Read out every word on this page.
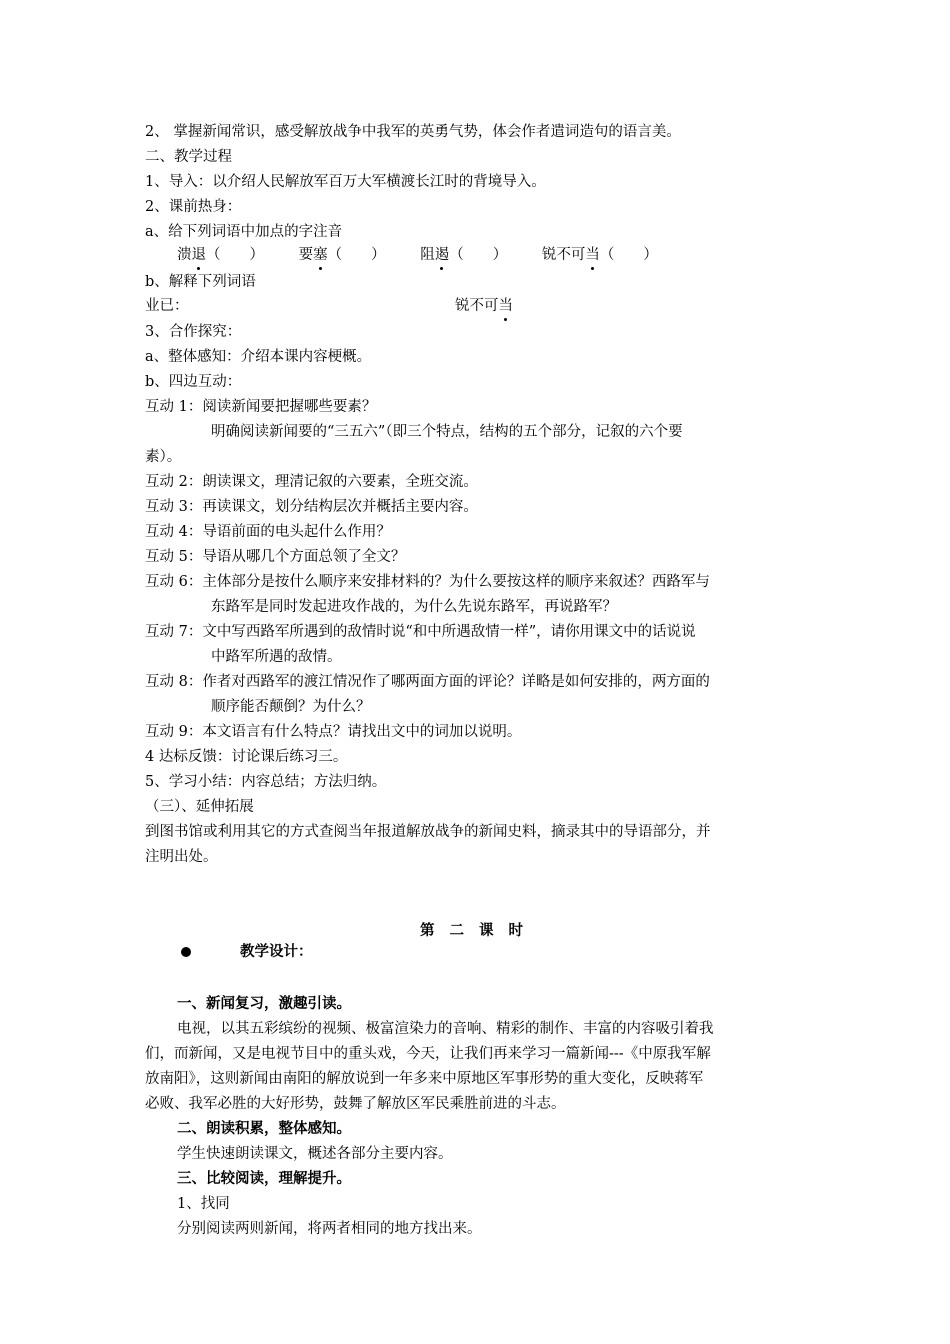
2、 掌握新闻常识，感受解放战争中我军的英勇气势，体会作者遣词造句的语言美。
二、教学过程
1、导入：以介绍人民解放军百万大军横渡长江时的背境导入。
2、课前热身：
a、给下列词语中加点的字注音
溃退（　　） 要塞（　　） 阻遏（　　） 锐不可当（　　）
b、解释下列词语
业已：	锐不可当
3、合作探究：
a、整体感知：介绍本课内容梗概。
b、四边互动：
互动 1：阅读新闻要把握哪些要素？
明确阅读新闻要的“三五六”（即三个特点，结构的五个部分，记叙的六个要
素）。
互动 2：朗读课文，理清记叙的六要素，全班交流。
互动 3：再读课文，划分结构层次并概括主要内容。
互动 4：导语前面的电头起什么作用？
互动 5：导语从哪几个方面总领了全文？
互动 6：主体部分是按什么顺序来安排材料的？为什么要按这样的顺序来叙述？西路军与
东路军是同时发起进攻作战的，为什么先说东路军，再说路军？
互动 7：文中写西路军所遇到的敌情时说“和中所遇敌情一样”，请你用课文中的话说说
中路军所遇的敌情。
互动 8：作者对西路军的渡江情况作了哪两面方面的评论？详略是如何安排的，两方面的
顺序能否颠倒？为什么？
互动 9：本文语言有什么特点？请找出文中的词加以说明。
4 达标反馈：讨论课后练习三。
5、学习小结：内容总结；方法归纳。
（三）、延伸拓展
到图书馆或利用其它的方式查阅当年报道解放战争的新闻史料，摘录其中的导语部分，并
注明出处。
第 二 课 时
教学设计：
一、新闻复习，激趣引读。
电视，以其五彩缤纷的视频、极富渲染力的音响、精彩的制作、丰富的内容吸引着我
们，而新闻，又是电视节目中的重头戏，今天，让我们再来学习一篇新闻---《中原我军解
放南阳》，这则新闻由南阳的解放说到一年多来中原地区军事形势的重大变化，反映蒋军
必败、我军必胜的大好形势，鼓舞了解放区军民乘胜前进的斗志。
二、朗读积累，整体感知。
学生快速朗读课文，概述各部分主要内容。
三、比较阅读，理解提升。
1、找同
分别阅读两则新闻，将两者相同的地方找出来。
